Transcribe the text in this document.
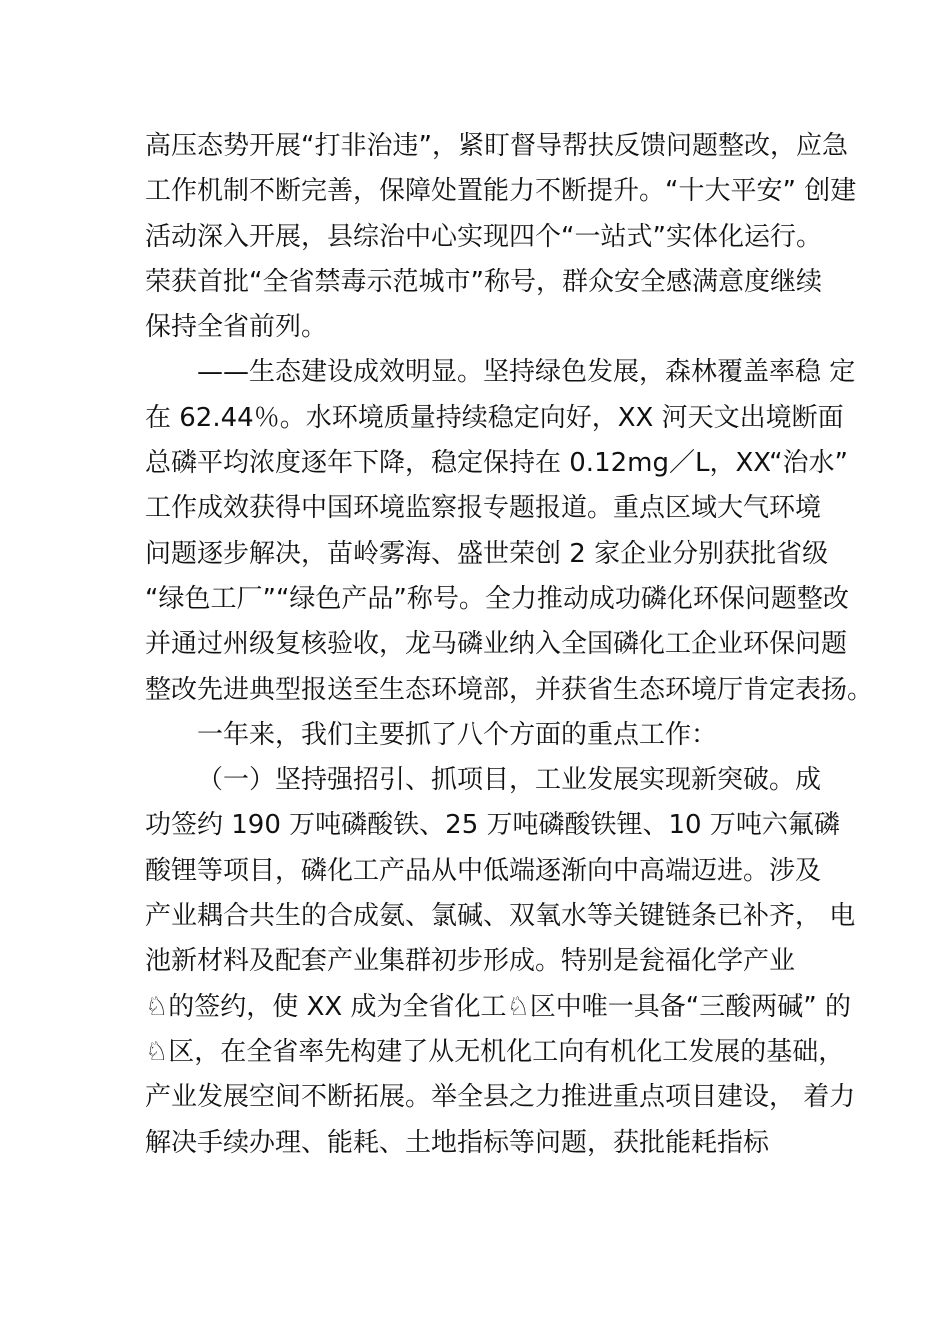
高压态势开展“打非治违”，紧盯督导帮扶反馈问题整改，应急
工作机制不断完善，保障处置能力不断提升。“十大平安” 创建
活动深入开展，县综治中心实现四个“一站式”实体化运行。
荣获首批“全省禁毒示范城市”称号，群众安全感满意度继续
保持全省前列。
——生态建设成效明显。坚持绿色发展，森林覆盖率稳 定
在 62.44％。水环境质量持续稳定向好，XX 河天文出境断面
总磷平均浓度逐年下降，稳定保持在 0.12mg／L，XX“治水”
工作成效获得中国环境监察报专题报道。重点区域大气环境
问题逐步解决，苗岭雾海、盛世荣创 2 家企业分别获批省级
“绿色工厂”“绿色产品”称号。全力推动成功磷化环保问题整改
并通过州级复核验收，龙马磷业纳入全国磷化工企业环保问题
整改先进典型报送至生态环境部，并获省生态环境厅肯定表扬。
一年来，我们主要抓了八个方面的重点工作：
（一）坚持强招引、抓项目，工业发展实现新突破。成
功签约 190 万吨磷酸铁、25 万吨磷酸铁锂、10 万吨六氟磷
酸锂等项目，磷化工产品从中低端逐渐向中高端迈进。涉及
产业耦合共生的合成氨、氯碱、双氧水等关键链条已补齐， 电
池新材料及配套产业集群初步形成。特别是瓮福化学产业
♘的签约，使 XX 成为全省化工♘区中唯一具备“三酸两碱” 的
♘区，在全省率先构建了从无机化工向有机化工发展的基础，
产业发展空间不断拓展。举全县之力推进重点项目建设， 着力
解决手续办理、能耗、土地指标等问题，获批能耗指标
